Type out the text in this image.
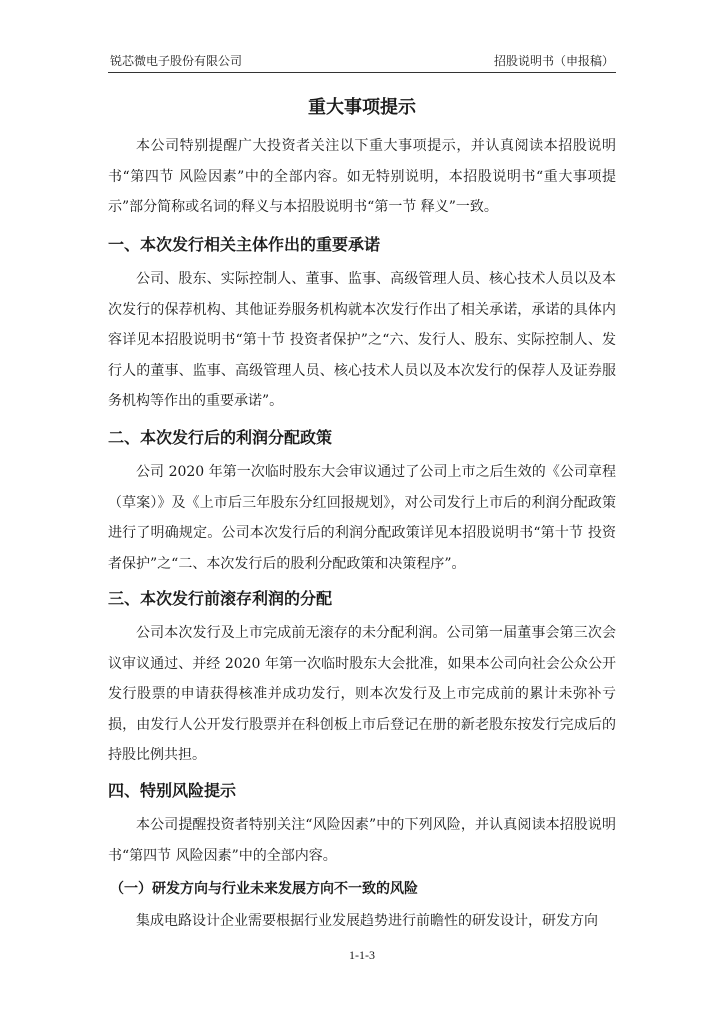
锐芯微电子股份有限公司	招股说明书（申报稿）
重大事项提示

本公司特别提醒广大投资者关注以下重大事项提示，并认真阅读本招股说明书“第四节 风险因素”中的全部内容。如无特别说明，本招股说明书“重大事项提示”部分简称或名词的释义与本招股说明书“第一节 释义”一致。

一、本次发行相关主体作出的重要承诺

公司、股东、实际控制人、董事、监事、高级管理人员、核心技术人员以及本次发行的保荐机构、其他证券服务机构就本次发行作出了相关承诺，承诺的具体内容详见本招股说明书“第十节 投资者保护”之“六、发行人、股东、实际控制人、发行人的董事、监事、高级管理人员、核心技术人员以及本次发行的保荐人及证券服务机构等作出的重要承诺”。

二、本次发行后的利润分配政策

公司 2020 年第一次临时股东大会审议通过了公司上市之后生效的《公司章程（草案）》及《上市后三年股东分红回报规划》，对公司发行上市后的利润分配政策进行了明确规定。公司本次发行后的利润分配政策详见本招股说明书“第十节 投资者保护”之“二、本次发行后的股利分配政策和决策程序”。

三、本次发行前滚存利润的分配

公司本次发行及上市完成前无滚存的未分配利润。公司第一届董事会第三次会议审议通过、并经 2020 年第一次临时股东大会批准，如果本公司向社会公众公开发行股票的申请获得核准并成功发行，则本次发行及上市完成前的累计未弥补亏损，由发行人公开发行股票并在科创板上市后登记在册的新老股东按发行完成后的持股比例共担。

四、特别风险提示

本公司提醒投资者特别关注“风险因素”中的下列风险，并认真阅读本招股说明书“第四节 风险因素”中的全部内容。

（一）研发方向与行业未来发展方向不一致的风险

集成电路设计企业需要根据行业发展趋势进行前瞻性的研发设计，研发方向

1-1-3
